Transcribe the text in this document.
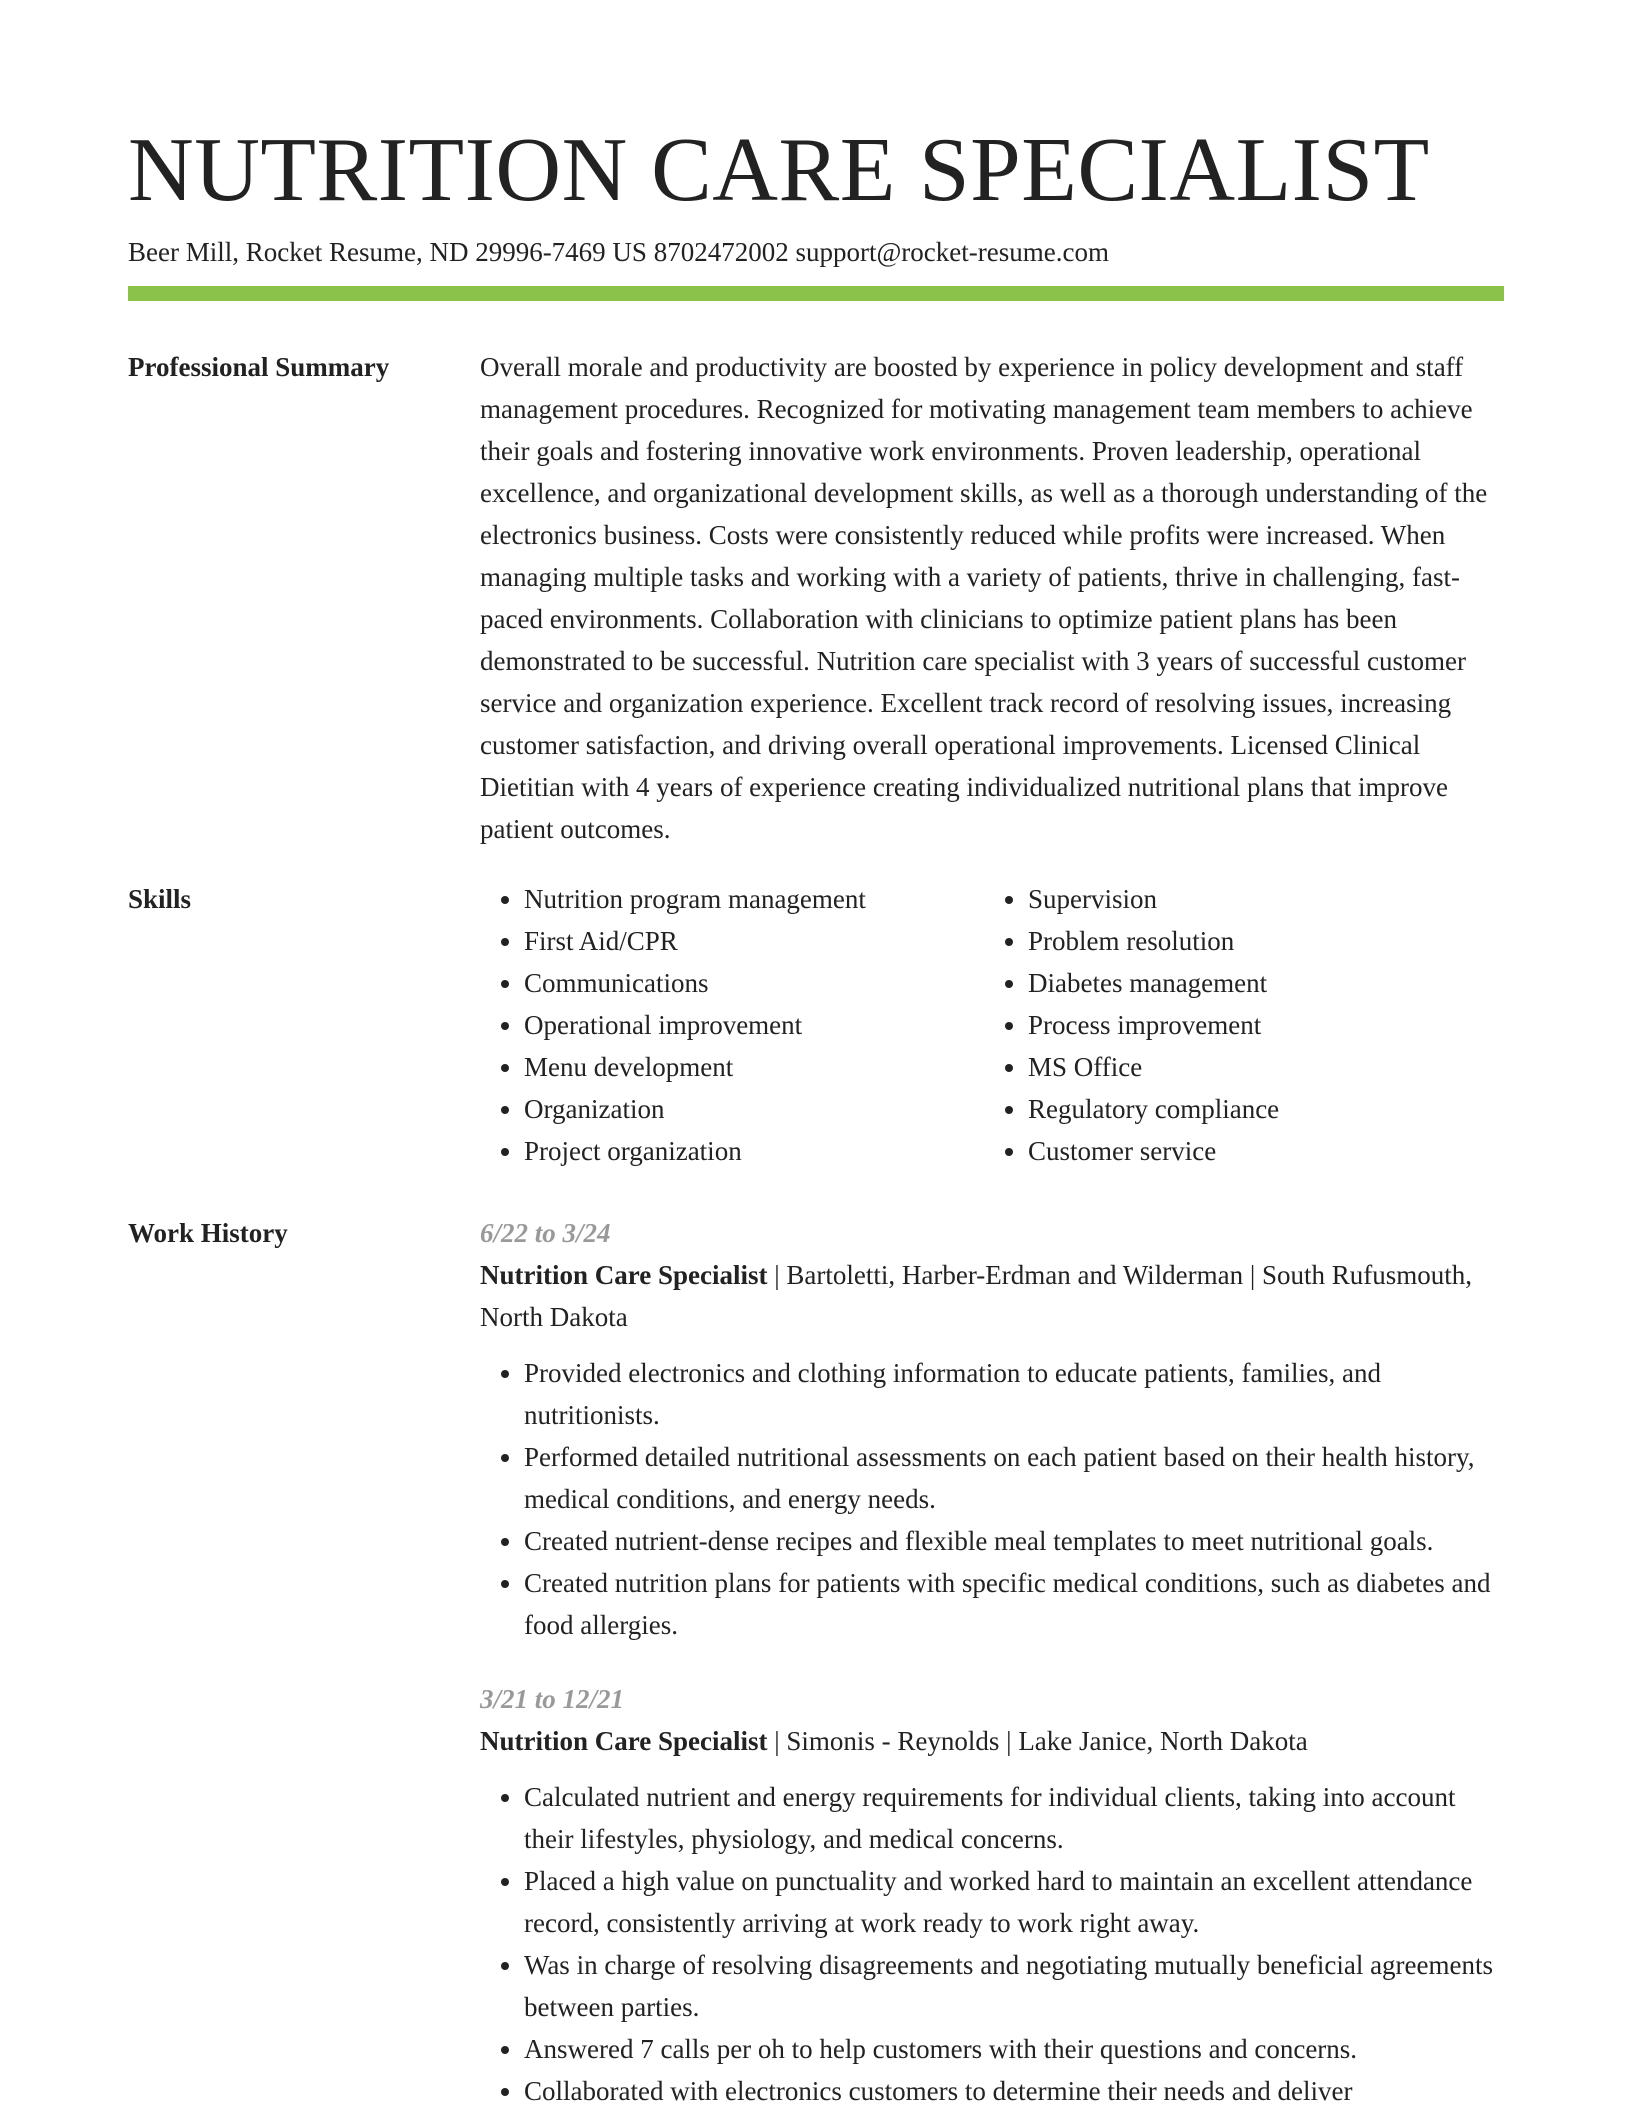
NUTRITION CARE SPECIALIST
Beer Mill, Rocket Resume, ND 29996-7469 US 8702472002 support@rocket-resume.com
Professional Summary	Overall morale and productivity are boosted by experience in policy development and staff management procedures. Recognized for motivating management team members to achieve their goals and fostering innovative work environments. Proven leadership, operational excellence, and organizational development skills, as well as a thorough understanding of the electronics business. Costs were consistently reduced while profits were increased. When managing multiple tasks and working with a variety of patients, thrive in challenging, fast-paced environments. Collaboration with clinicians to optimize patient plans has been demonstrated to be successful. Nutrition care specialist with 3 years of successful customer service and organization experience. Excellent track record of resolving issues, increasing customer satisfaction, and driving overall operational improvements. Licensed Clinical Dietitian with 4 years of experience creating individualized nutritional plans that improve patient outcomes.

Skills
•	Nutrition program management
• First Aid/CPR
• Communications
• Operational improvement
• Menu development
• Organization
• Project organization
• Supervision
• Problem resolution
• Diabetes management
• Process improvement
• MS Office
• Regulatory compliance
• Customer service
Work History	6/22 to 3/24
Nutrition Care Specialist | Bartoletti, Harber-Erdman and Wilderman | South Rufusmouth, North Dakota
• Provided electronics and clothing information to educate patients, families, and nutritionists.
• Performed detailed nutritional assessments on each patient based on their health history, medical conditions, and energy needs.
• Created nutrient-dense recipes and flexible meal templates to meet nutritional goals.
• Created nutrition plans for patients with specific medical conditions, such as diabetes and food allergies.
3/21 to 12/21
Nutrition Care Specialist | Simonis - Reynolds | Lake Janice, North Dakota
• Calculated nutrient and energy requirements for individual clients, taking into account their lifestyles, physiology, and medical concerns.
• Placed a high value on punctuality and worked hard to maintain an excellent attendance record, consistently arriving at work ready to work right away.
• Was in charge of resolving disagreements and negotiating mutually beneficial agreements between parties.
• Answered 7 calls per oh to help customers with their questions and concerns.
• Collaborated with electronics customers to determine their needs and deliver
